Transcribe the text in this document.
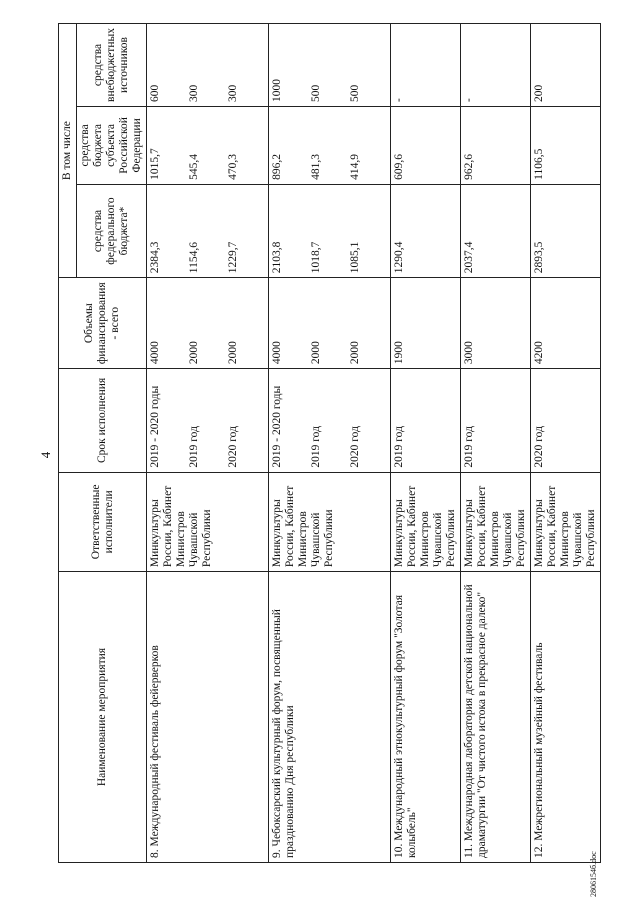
4
Наименование мероприятия	Ответственные исполнители	Срок исполнения	Объемы финансирования - всего	В том числе		
				средства федерального бюджета*	средства бюджета субъекта Российской Федерации	средства внебюджетных источников
8. Международный фестиваль фейерверков	Минкультуры России, Кабинет Министров Чувашской Республики	2019 - 2020 годы 2019 год 2020 год	4000 2000 2000	2384,3 1154,6 1229,7	1015,7 545,4 470,3	600 300 300

9. Чебоксарский культурный форум, посвященный празднованию Дня республики	Минкультуры России, Кабинет Министров Чувашской Республики	2019 - 2020 годы 2019 год 2020 год	4000 2000 2000	2103,8 1018,7 1085,1	896,2 481,3 414,9	1000 500 500

10. Международный этнокультурный форум "Золотая колыбель"	Минкультуры России, Кабинет Министров Чувашской Республики	2019 год	1900	1290,4	609,6	-

11. Международная лаборатория детской национальной драматургии "От чистого истока в прекрасное далеко"	Минкультуры России, Кабинет Министров Чувашской Республики	2019 год	3000	2037,4	962,6	-

12. Межрегиональный музейный фестиваль	Минкультуры России, Кабинет Министров Чувашской Республики	2020 год	4200	2893,5	1106,5	200
2806154б.doc
